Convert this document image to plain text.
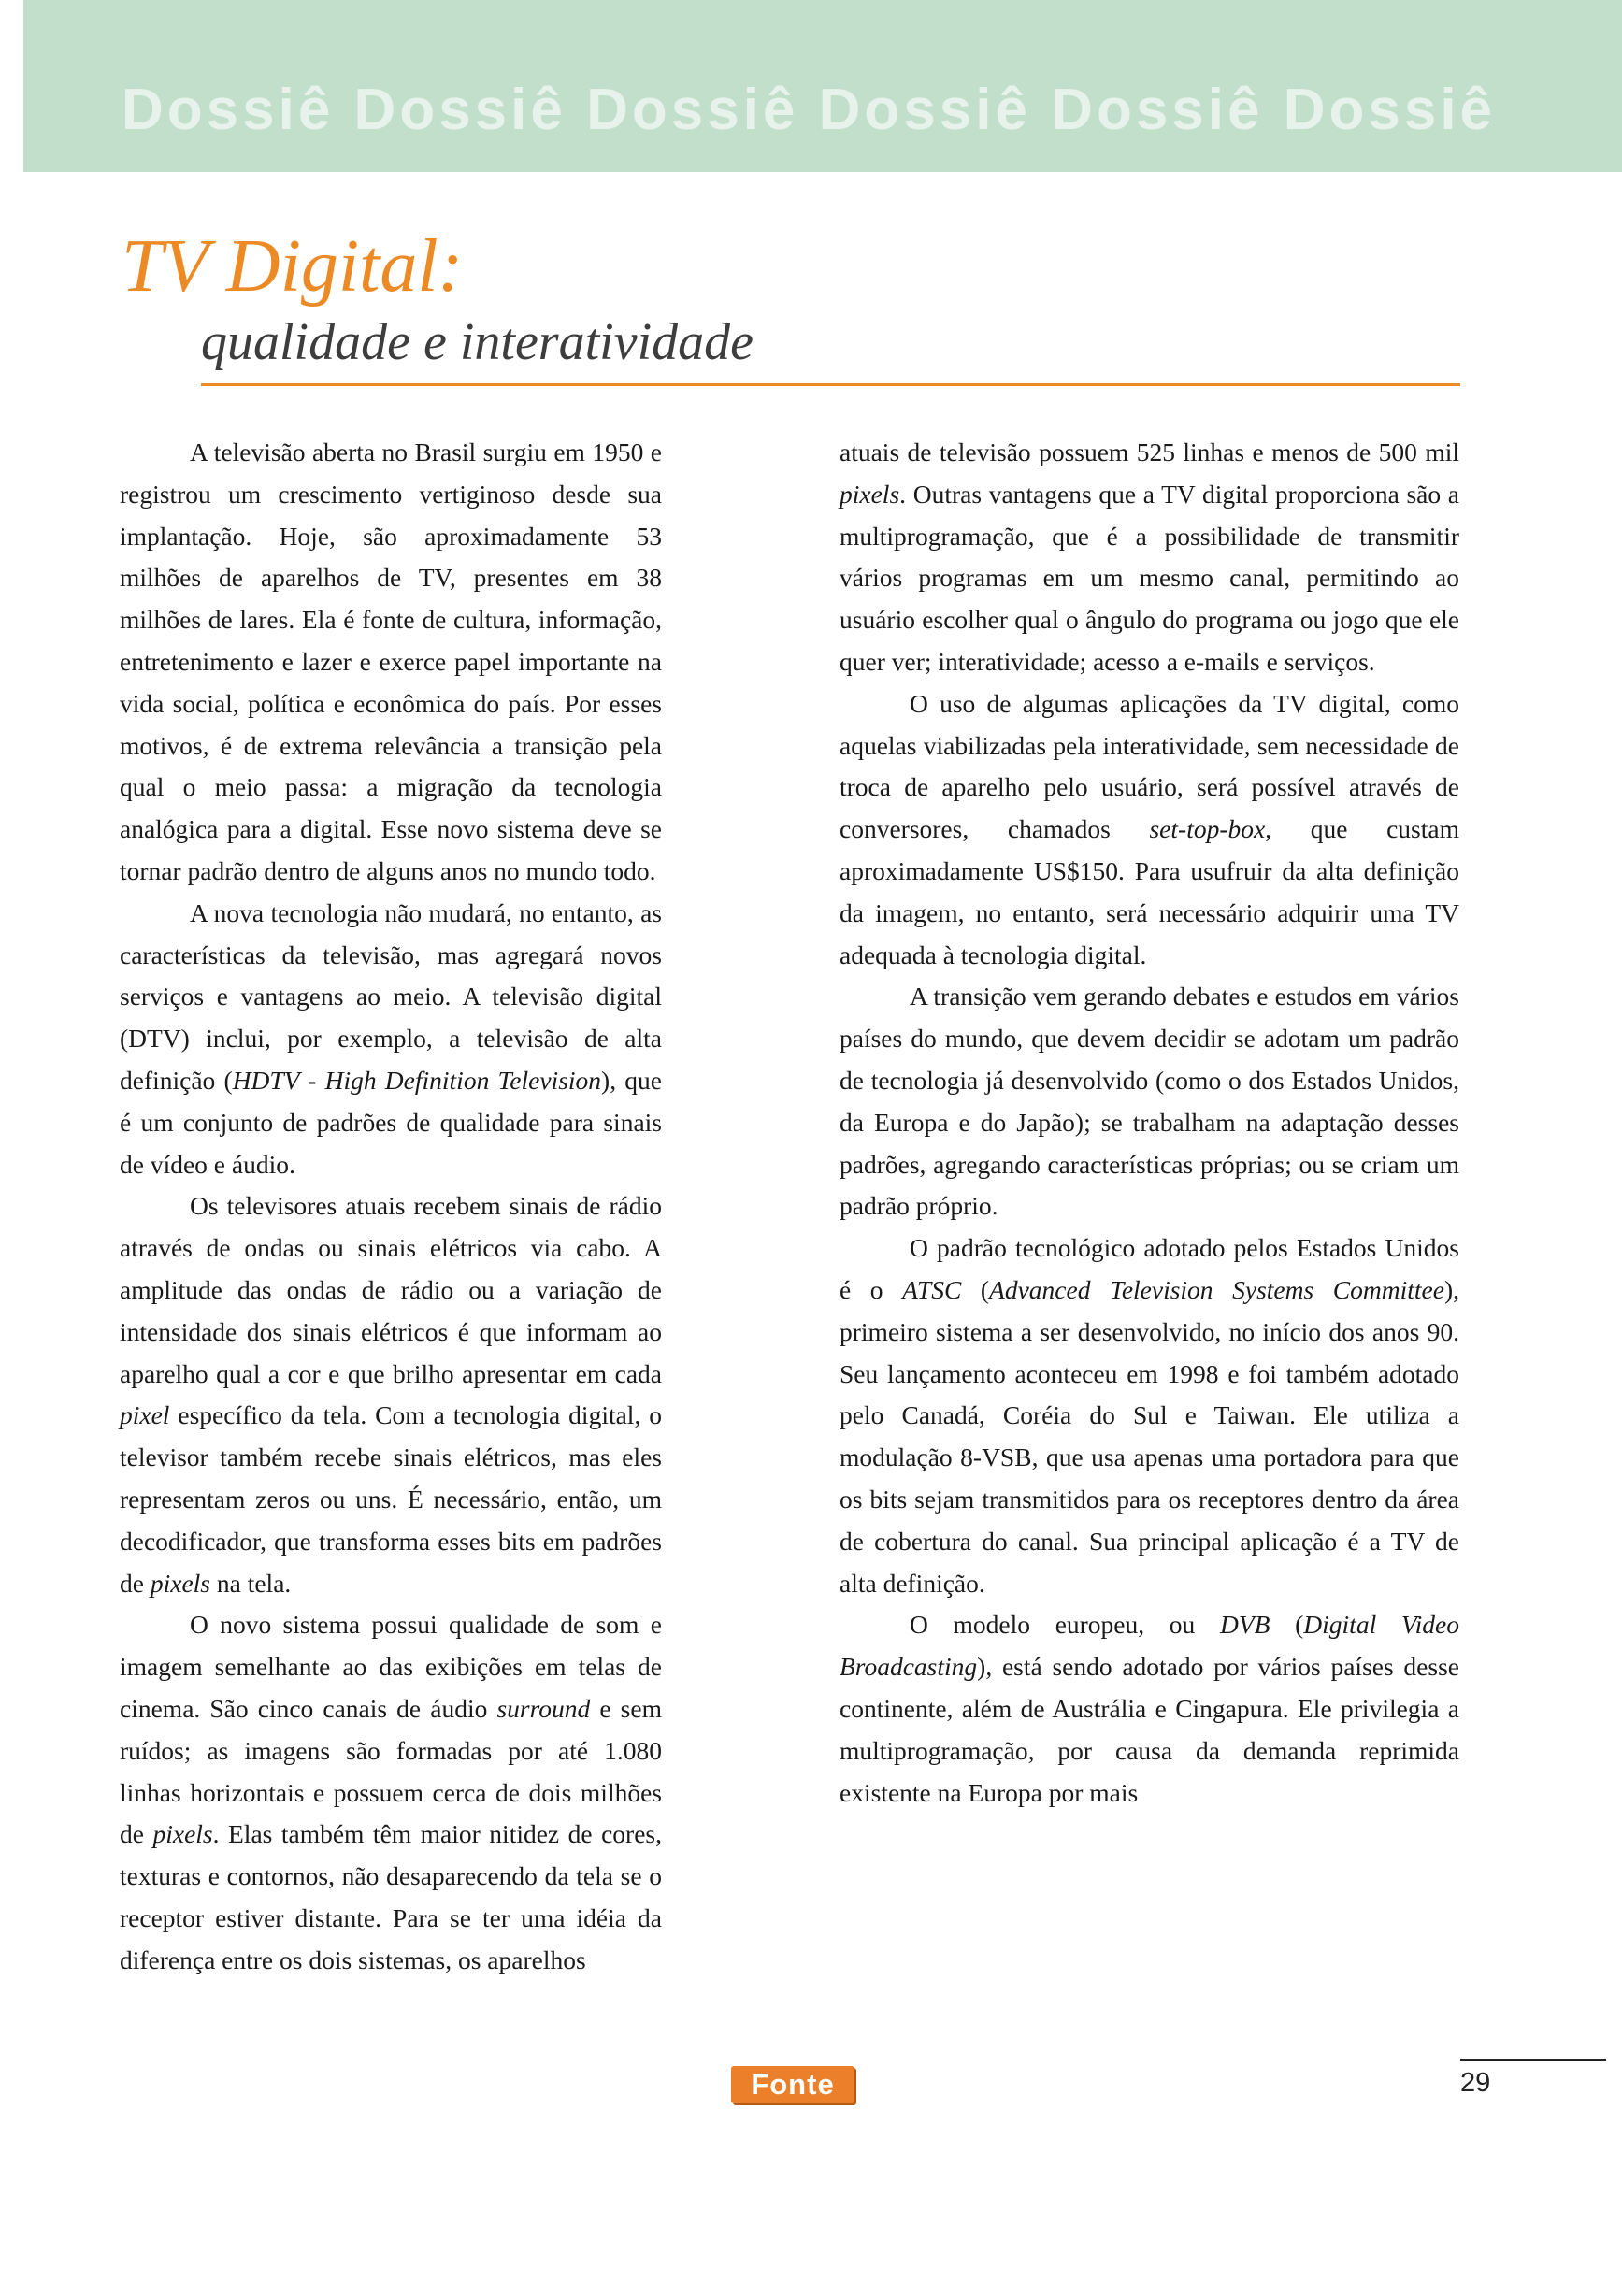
Dossiê Dossiê Dossiê Dossiê Dossiê Dossiê
TV Digital:
qualidade e interatividade

A televisão aberta no Brasil surgiu em 1950 e registrou um crescimento vertiginoso desde sua implantação. Hoje, são aproximadamente 53 milhões de aparelhos de TV, presentes em 38 milhões de lares. Ela é fonte de cultura, informação, entretenimento e lazer e exerce papel importante na vida social, política e econômica do país. Por esses motivos, é de extrema relevância a transição pela qual o meio passa: a migração da tecnologia analógica para a digital. Esse novo sistema deve se tornar padrão dentro de alguns anos no mundo todo.

A nova tecnologia não mudará, no entanto, as características da televisão, mas agregará novos serviços e vantagens ao meio. A televisão digital (DTV) inclui, por exemplo, a televisão de alta definição (HDTV - High Definition Television), que é um conjunto de padrões de qualidade para sinais de vídeo e áudio.

Os televisores atuais recebem sinais de rádio através de ondas ou sinais elétricos via cabo. A amplitude das ondas de rádio ou a variação de intensidade dos sinais elétricos é que informam ao aparelho qual a cor e que brilho apresentar em cada pixel específico da tela. Com a tecnologia digital, o televisor também recebe sinais elétricos, mas eles representam zeros ou uns. É necessário, então, um decodificador, que transforma esses bits em padrões de pixels na tela.

O novo sistema possui qualidade de som e imagem semelhante ao das exibições em telas de cinema. São cinco canais de áudio surround e sem ruídos; as imagens são formadas por até 1.080 linhas horizontais e possuem cerca de dois milhões de pixels. Elas também têm maior nitidez de cores, texturas e contornos, não desaparecendo da tela se o receptor estiver distante. Para se ter uma idéia da diferença entre os dois sistemas, os aparelhos

atuais de televisão possuem 525 linhas e menos de 500 mil pixels. Outras vantagens que a TV digital proporciona são a multiprogramação, que é a possibilidade de transmitir vários programas em um mesmo canal, permitindo ao usuário escolher qual o ângulo do programa ou jogo que ele quer ver; interatividade; acesso a e-mails e serviços.

O uso de algumas aplicações da TV digital, como aquelas viabilizadas pela interatividade, sem necessidade de troca de aparelho pelo usuário, será possível através de conversores, chamados set-top-box, que custam aproximadamente US$150. Para usufruir da alta definição da imagem, no entanto, será necessário adquirir uma TV adequada à tecnologia digital.

A transição vem gerando debates e estudos em vários países do mundo, que devem decidir se adotam um padrão de tecnologia já desenvolvido (como o dos Estados Unidos, da Europa e do Japão); se trabalham na adaptação desses padrões, agregando características próprias; ou se criam um padrão próprio.

O padrão tecnológico adotado pelos Estados Unidos é o ATSC (Advanced Television Systems Committee), primeiro sistema a ser desenvolvido, no início dos anos 90. Seu lançamento aconteceu em 1998 e foi também adotado pelo Canadá, Coréia do Sul e Taiwan. Ele utiliza a modulação 8-VSB, que usa apenas uma portadora para que os bits sejam transmitidos para os receptores dentro da área de cobertura do canal. Sua principal aplicação é a TV de alta definição.

O modelo europeu, ou DVB (Digital Video Broadcasting), está sendo adotado por vários países desse continente, além de Austrália e Cingapura. Ele privilegia a multiprogramação, por causa da demanda reprimida existente na Europa por mais

Fonte	29
